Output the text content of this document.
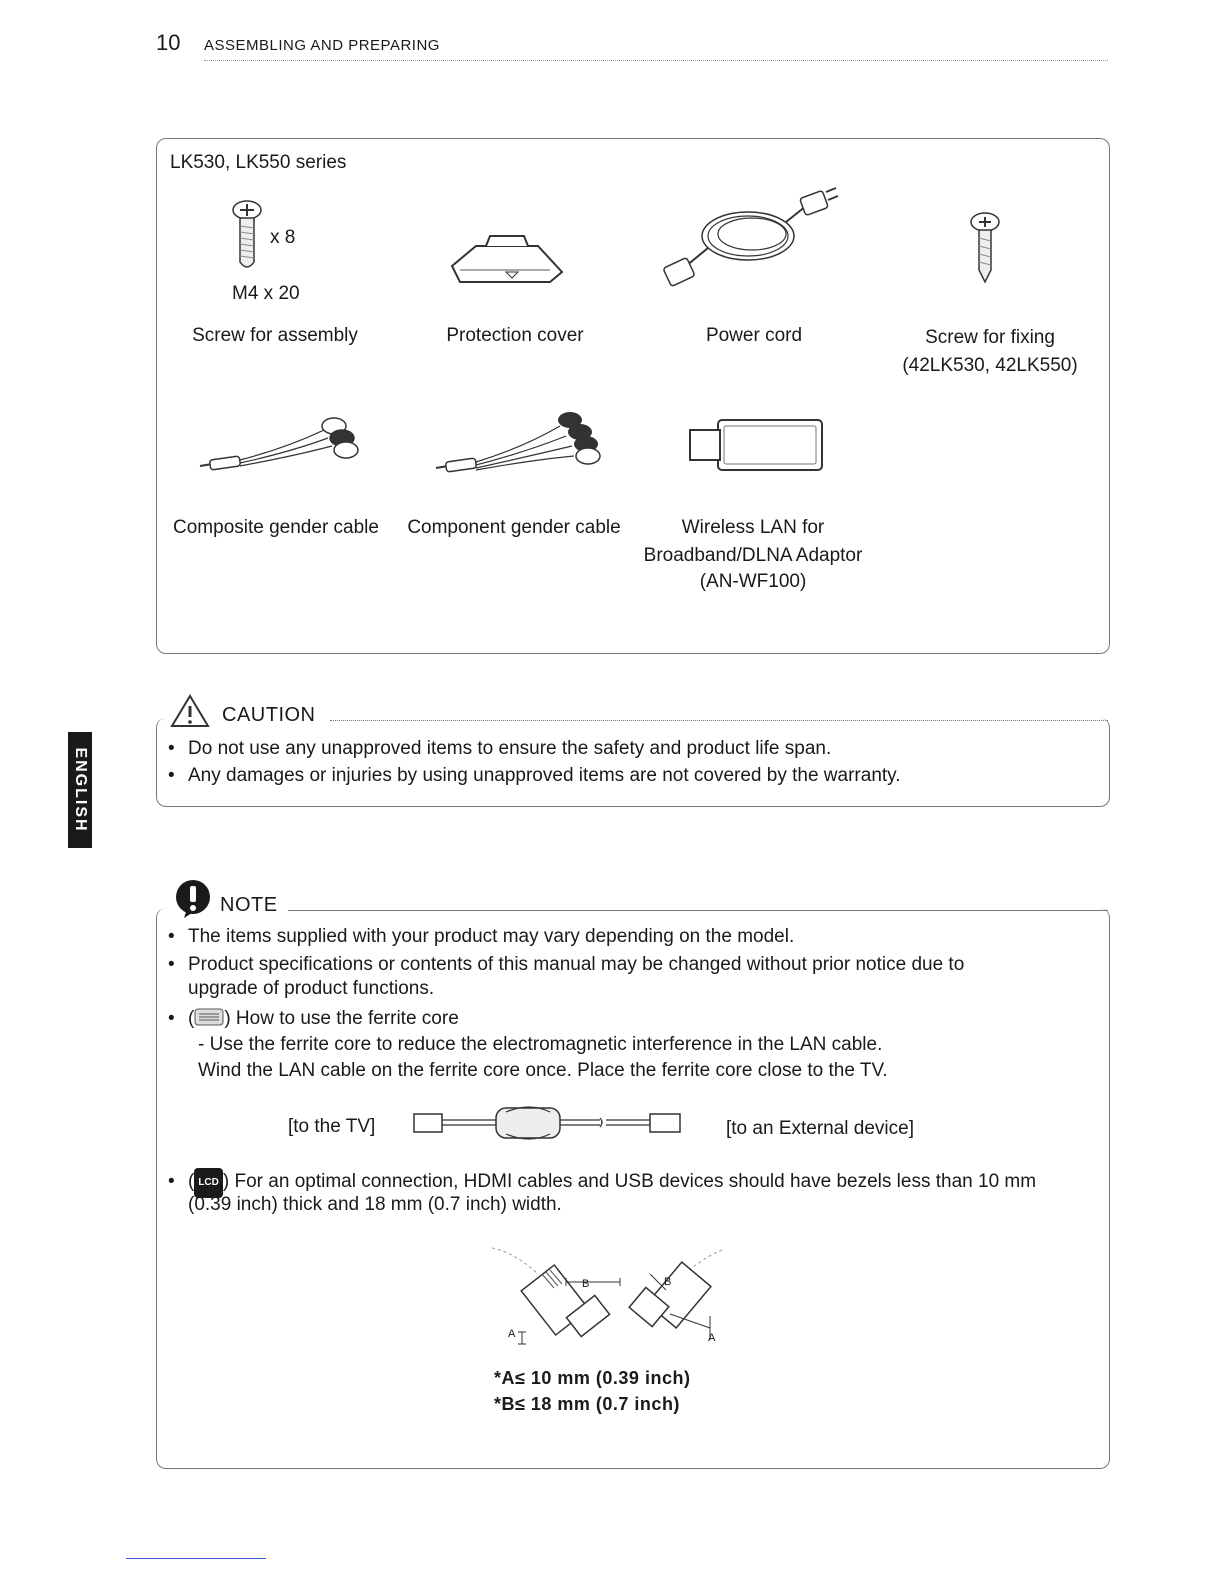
10 ASSEMBLING AND PREPARING
ENGLISH
LK530, LK550 series
x 8
M4 x 20
Screw for assembly	Protection cover	Power cord	Screw for fixing
(42LK530, 42LK550)
Composite gender cable	Component gender cable	Wireless LAN for
Broadband/DLNA Adaptor
(AN-WF100)
CAUTION
• Do not use any unapproved items to ensure the safety and product life span.
• Any damages or injuries by using unapproved items are not covered by the warranty.
NOTE
• The items supplied with your product may vary depending on the model.
• Product specifications or contents of this manual may be changed without prior notice due to
upgrade of product functions.
• ( ) How to use the ferrite core
- Use the ferrite core to reduce the electromagnetic interference in the LAN cable.
Wind the LAN cable on the ferrite core once. Place the ferrite core close to the TV.
[to the TV]	[to an External device]
• ( LCD ) For an optimal connection, HDMI cables and USB devices should have bezels less than 10 mm
(0.39 inch) thick and 18 mm (0.7 inch) width.
B
A
B
A
*A≤ 10 mm (0.39 inch)
*B≤ 18 mm (0.7 inch)
